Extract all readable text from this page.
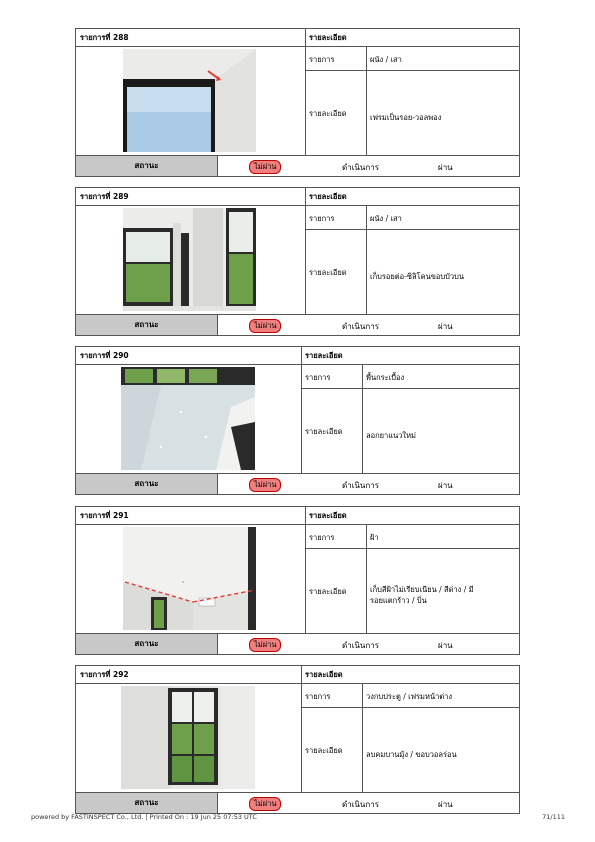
รายการที่ 288	รายละเอียด
รายการ	ผนัง / เสา
รายละเอียด	เฟรมเป็นรอย-วอลพอง
สถานะ	ไม่ผ่าน	ดำเนินการ	ผ่าน
รายการที่ 289	รายละเอียด
รายการ	ผนัง / เสา
รายละเอียด	เก็บรอยต่อ-ซิลิโคนขอบบัวบน
สถานะ	ไม่ผ่าน	ดำเนินการ	ผ่าน
รายการที่ 290	รายละเอียด
รายการ	พื้นกระเบื้อง
รายละเอียด	ลอกยาแนวใหม่
สถานะ	ไม่ผ่าน	ดำเนินการ	ผ่าน
รายการที่ 291	รายละเอียด
รายการ	ฝ้า
รายละเอียด	เก็บสีฝ้าไม่เรียบเนียน / สีด่าง / มีรอยแตกร้าว / บิ่น
สถานะ	ไม่ผ่าน	ดำเนินการ	ผ่าน
รายการที่ 292	รายละเอียด
รายการ	วงกบประตู / เฟรมหน้าต่าง
รายละเอียด	ลบคมบานมุ้ง / ขอบวอลร่อน
สถานะ	ไม่ผ่าน	ดำเนินการ	ผ่าน
powered by FASTINSPECT Co., Ltd. | Printed On : 19 Jun 25 07:53 UTC	71/111
